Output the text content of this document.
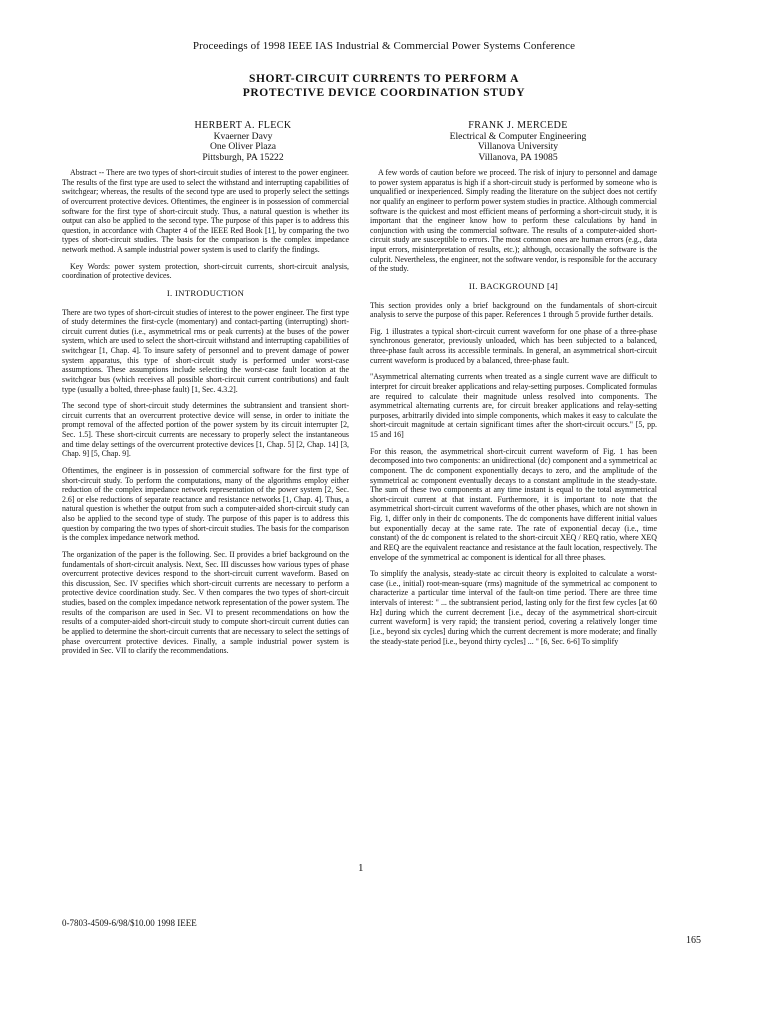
Proceedings of 1998 IEEE IAS Industrial & Commercial Power Systems Conference
SHORT-CIRCUIT CURRENTS TO PERFORM A
PROTECTIVE DEVICE COORDINATION STUDY
HERBERT A. FLECK
Kvaerner Davy
One Oliver Plaza
Pittsburgh, PA 15222
FRANK J. MERCEDE
Electrical & Computer Engineering
Villanova University
Villanova, PA 19085

Abstract -- There are two types of short-circuit studies of interest to the power engineer. The results of the first type are used to select the withstand and interrupting capabilities of switchgear; whereas, the results of the second type are used to properly select the settings of overcurrent protective devices. Oftentimes, the engineer is in possession of commercial software for the first type of short-circuit study. Thus, a natural question is whether its output can also be applied to the second type. The purpose of this paper is to address this question, in accordance with Chapter 4 of the IEEE Red Book [1], by comparing the two types of short-circuit studies. The basis for the comparison is the complex impedance network method. A sample industrial power system is used to clarify the findings.

Key Words: power system protection, short-circuit currents, short-circuit analysis, coordination of protective devices.

I. INTRODUCTION

There are two types of short-circuit studies of interest to the power engineer. The first type of study determines the first-cycle (momentary) and contact-parting (interrupting) short-circuit current duties (i.e., asymmetrical rms or peak currents) at the buses of the power system, which are used to select the short-circuit withstand and interrupting capabilities of switchgear [1, Chap. 4]. To insure safety of personnel and to prevent damage of power system apparatus, this type of short-circuit study is performed under worst-case assumptions. These assumptions include selecting the worst-case fault location at the switchgear bus (which receives all possible short-circuit current contributions) and fault type (usually a bolted, three-phase fault) [1, Sec. 4.3.2].

The second type of short-circuit study determines the subtransient and transient short-circuit currents that an overcurrent protective device will sense, in order to initiate the prompt removal of the affected portion of the power system by its circuit interrupter [2, Sec. 1.5]. These short-circuit currents are necessary to properly select the instantaneous and time delay settings of the overcurrent protective devices [1, Chap. 5] [2, Chap. 14] [3, Chap. 9] [5, Chap. 9].

Oftentimes, the engineer is in possession of commercial software for the first type of short-circuit study. To perform the computations, many of the algorithms employ either reduction of the complex impedance network representation of the power system [2, Sec. 2.6] or else reductions of separate reactance and resistance networks [1, Chap. 4]. Thus, a natural question is whether the output from such a computer-aided short-circuit study can also be applied to the second type of study. The purpose of this paper is to address this question by comparing the two types of short-circuit studies. The basis for the comparison is the complex impedance network method.

The organization of the paper is the following. Sec. II provides a brief background on the fundamentals of short-circuit analysis. Next, Sec. III discusses how various types of phase overcurrent protective devices respond to the short-circuit current waveform. Based on this discussion, Sec. IV specifies which short-circuit currents are necessary to perform a protective device coordination study. Sec. V then compares the two types of short-circuit studies, based on the complex impedance network representation of the power system. The results of the comparison are used in Sec. VI to present recommendations on how the results of a computer-aided short-circuit study to compute short-circuit current duties can be applied to determine the short-circuit currents that are necessary to select the settings of phase overcurrent protective devices. Finally, a sample industrial power system is provided in Sec. VII to clarify the recommendations.

A few words of caution before we proceed. The risk of injury to personnel and damage to power system apparatus is high if a short-circuit study is performed by someone who is unqualified or inexperienced. Simply reading the literature on the subject does not certify nor qualify an engineer to perform power system studies in practice. Although commercial software is the quickest and most efficient means of performing a short-circuit study, it is important that the engineer know how to perform these calculations by hand in conjunction with using the commercial software. The results of a computer-aided short-circuit study are susceptible to errors. The most common ones are human errors (e.g., data input errors, misinterpretation of results, etc.); although, occasionally the software is the culprit. Nevertheless, the engineer, not the software vendor, is responsible for the accuracy of the study.

II. BACKGROUND [4]

This section provides only a brief background on the fundamentals of short-circuit analysis to serve the purpose of this paper. References 1 through 5 provide further details.

Fig. 1 illustrates a typical short-circuit current waveform for one phase of a three-phase synchronous generator, previously unloaded, which has been subjected to a balanced, three-phase fault across its accessible terminals. In general, an asymmetrical short-circuit current waveform is produced by a balanced, three-phase fault.

"Asymmetrical alternating currents when treated as a single current wave are difficult to interpret for circuit breaker applications and relay-setting purposes. Complicated formulas are required to calculate their magnitude unless resolved into components. The asymmetrical alternating currents are, for circuit breaker applications and relay-setting purposes, arbitrarily divided into simple components, which makes it easy to calculate the short-circuit magnitude at certain significant times after the short-circuit occurs." [5, pp. 15 and 16]

For this reason, the asymmetrical short-circuit current waveform of Fig. 1 has been decomposed into two components: an unidirectional (dc) component and a symmetrical ac component. The dc component exponentially decays to zero, and the amplitude of the symmetrical ac component eventually decays to a constant amplitude in the steady-state. The sum of these two components at any time instant is equal to the total asymmetrical short-circuit current at that instant. Furthermore, it is important to note that the asymmetrical short-circuit current waveforms of the other phases, which are not shown in Fig. 1, differ only in their dc components. The dc components have different initial values but exponentially decay at the same rate. The rate of exponential decay (i.e., time constant) of the dc component is related to the short-circuit XEQ / REQ ratio, where XEQ and REQ are the equivalent reactance and resistance at the fault location, respectively. The envelope of the symmetrical ac component is identical for all three phases.

To simplify the analysis, steady-state ac circuit theory is exploited to calculate a worst-case (i.e., initial) root-mean-square (rms) magnitude of the symmetrical ac component to characterize a particular time interval of the fault-on time period. There are three time intervals of interest: " ... the subtransient period, lasting only for the first few cycles [at 60 Hz] during which the current decrement [i.e., decay of the asymmetrical short-circuit current waveform] is very rapid; the transient period, covering a relatively longer time [i.e., beyond six cycles] during which the current decrement is more moderate; and finally the steady-state period [i.e., beyond thirty cycles] ... " [6, Sec. 6-6] To simplify

1
0-7803-4509-6/98/$10.00 1998 IEEE
165
